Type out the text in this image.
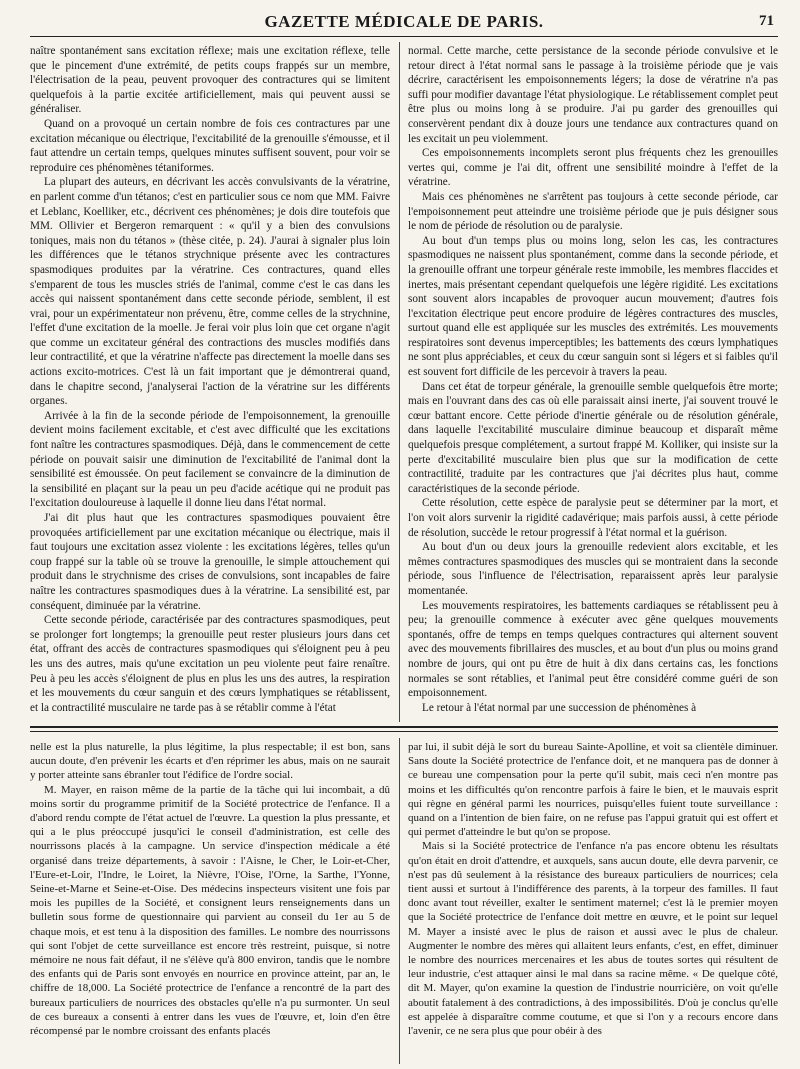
GAZETTE MÉDICALE DE PARIS.	71

naître spontanément sans excitation réflexe; mais une excitation réflexe, telle que le pincement d'une extrémité, de petits coups frappés sur un membre, l'électrisation de la peau, peuvent provoquer des contractures qui se limitent quelquefois à la partie excitée artificiellement, mais qui peuvent aussi se généraliser.

Quand on a provoqué un certain nombre de fois ces contractures par une excitation mécanique ou électrique, l'excitabilité de la grenouille s'émousse, et il faut attendre un certain temps, quelques minutes suffisent souvent, pour voir se reproduire ces phénomènes tétaniformes.

La plupart des auteurs, en décrivant les accès convulsivants de la vératrine, en parlent comme d'un tétanos; c'est en particulier sous ce nom que MM. Faivre et Leblanc, Koelliker, etc., décrivent ces phénomènes; je dois dire toutefois que MM. Ollivier et Bergeron remarquent : « qu'il y a bien des convulsions toniques, mais non du tétanos » (thèse citée, p. 24). J'aurai à signaler plus loin les différences que le tétanos strychnique présente avec les contractures spasmodiques produites par la vératrine. Ces contractures, quand elles s'emparent de tous les muscles striés de l'animal, comme c'est le cas dans les accès qui naissent spontanément dans cette seconde période, semblent, il est vrai, pour un expérimentateur non prévenu, être, comme celles de la strychnine, l'effet d'une excitation de la moelle. Je ferai voir plus loin que cet organe n'agit que comme un excitateur général des contractions des muscles modifiés dans leur contractilité, et que la vératrine n'affecte pas directement la moelle dans ses actions excito-motrices. C'est là un fait important que je démontrerai quand, dans le chapitre second, j'analyserai l'action de la vératrine sur les différents organes.

Arrivée à la fin de la seconde période de l'empoisonnement, la grenouille devient moins facilement excitable, et c'est avec difficulté que les excitations font naître les contractures spasmodiques. Déjà, dans le commencement de cette période on pouvait saisir une diminution de l'excitabilité de l'animal dont la sensibilité est émoussée. On peut facilement se convaincre de la diminution de la sensibilité en plaçant sur la peau un peu d'acide acétique qui ne produit pas l'excitation douloureuse à laquelle il donne lieu dans l'état normal.

J'ai dit plus haut que les contractures spasmodiques pouvaient être provoquées artificiellement par une excitation mécanique ou électrique, mais il faut toujours une excitation assez violente : les excitations légères, telles qu'un coup frappé sur la table où se trouve la grenouille, le simple attouchement qui produit dans le strychnisme des crises de convulsions, sont incapables de faire naître les contractures spasmodiques dues à la vératrine. La sensibilité est, par conséquent, diminuée par la vératrine.

Cette seconde période, caractérisée par des contractures spasmodiques, peut se prolonger fort longtemps; la grenouille peut rester plusieurs jours dans cet état, offrant des accès de contractures spasmodiques qui s'éloignent peu à peu les uns des autres, mais qu'une excitation un peu violente peut faire renaître. Peu à peu les accès s'éloignent de plus en plus les uns des autres, la respiration et les mouvements du cœur sanguin et des cœurs lymphatiques se rétablissent, et la contractilité musculaire ne tarde pas à se rétablir comme à l'état

normal. Cette marche, cette persistance de la seconde période convulsive et le retour direct à l'état normal sans le passage à la troisième période que je vais décrire, caractérisent les empoisonnements légers; la dose de vératrine n'a pas suffi pour modifier davantage l'état physiologique. Le rétablissement complet peut être plus ou moins long à se produire. J'ai pu garder des grenouilles qui conservèrent pendant dix à douze jours une tendance aux contractures quand on les excitait un peu violemment.

Ces empoisonnements incomplets seront plus fréquents chez les grenouilles vertes qui, comme je l'ai dit, offrent une sensibilité moindre à l'effet de la vératrine.

Mais ces phénomènes ne s'arrêtent pas toujours à cette seconde période, car l'empoisonnement peut atteindre une troisième période que je puis désigner sous le nom de période de résolution ou de paralysie.

Au bout d'un temps plus ou moins long, selon les cas, les contractures spasmodiques ne naissent plus spontanément, comme dans la seconde période, et la grenouille offrant une torpeur générale reste immobile, les membres flaccides et inertes, mais présentant cependant quelquefois une légère rigidité. Les excitations sont souvent alors incapables de provoquer aucun mouvement; d'autres fois l'excitation électrique peut encore produire de légères contractures des muscles, surtout quand elle est appliquée sur les muscles des extrémités. Les mouvements respiratoires sont devenus imperceptibles; les battements des cœurs lymphatiques ne sont plus appréciables, et ceux du cœur sanguin sont si légers et si faibles qu'il est souvent fort difficile de les percevoir à travers la peau.

Dans cet état de torpeur générale, la grenouille semble quelquefois être morte; mais en l'ouvrant dans des cas où elle paraissait ainsi inerte, j'ai souvent trouvé le cœur battant encore. Cette période d'inertie générale ou de résolution générale, dans laquelle l'excitabilité musculaire diminue beaucoup et disparaît même quelquefois presque complétement, a surtout frappé M. Kolliker, qui insiste sur la perte d'excitabilité musculaire bien plus que sur la modification de cette contractilité, traduite par les contractures que j'ai décrites plus haut, comme caractéristiques de la seconde période.

Cette résolution, cette espèce de paralysie peut se déterminer par la mort, et l'on voit alors survenir la rigidité cadavérique; mais parfois aussi, à cette période de résolution, succède le retour progressif à l'état normal et la guérison.

Au bout d'un ou deux jours la grenouille redevient alors excitable, et les mêmes contractures spasmodiques des muscles qui se montraient dans la seconde période, sous l'influence de l'électrisation, reparaissent après leur paralysie momentanée.

Les mouvements respiratoires, les battements cardiaques se rétablissent peu à peu; la grenouille commence à exécuter avec gêne quelques mouvements spontanés, offre de temps en temps quelques contractures qui alternent souvent avec des mouvements fibrillaires des muscles, et au bout d'un plus ou moins grand nombre de jours, qui ont pu être de huit à dix dans certains cas, les fonctions normales se sont rétablies, et l'animal peut être considéré comme guéri de son empoisonnement.

Le retour à l'état normal par une succession de phénomènes à

nelle est la plus naturelle, la plus légitime, la plus respectable; il est bon, sans aucun doute, d'en prévenir les écarts et d'en réprimer les abus, mais on ne saurait y porter atteinte sans ébranler tout l'édifice de l'ordre social.

M. Mayer, en raison même de la partie de la tâche qui lui incombait, a dû moins sortir du programme primitif de la Société protectrice de l'enfance. Il a d'abord rendu compte de l'état actuel de l'œuvre. La question la plus pressante, et qui a le plus préoccupé jusqu'ici le conseil d'administration, est celle des nourrissons placés à la campagne. Un service d'inspection médicale a été organisé dans treize départements, à savoir : l'Aisne, le Cher, le Loir-et-Cher, l'Eure-et-Loir, l'Indre, le Loiret, la Nièvre, l'Oise, l'Orne, la Sarthe, l'Yonne, Seine-et-Marne et Seine-et-Oise. Des médecins inspecteurs visitent une fois par mois les pupilles de la Société, et consignent leurs renseignements dans un bulletin sous forme de questionnaire qui parvient au conseil du 1er au 5 de chaque mois, et est tenu à la disposition des familles. Le nombre des nourrissons qui sont l'objet de cette surveillance est encore très restreint, puisque, si notre mémoire ne nous fait défaut, il ne s'élève qu'à 800 environ, tandis que le nombre des enfants qui de Paris sont envoyés en nourrice en province atteint, par an, le chiffre de 18,000. La Société protectrice de l'enfance a rencontré de la part des bureaux particuliers de nourrices des obstacles qu'elle n'a pu surmonter. Un seul de ces bureaux a consenti à entrer dans les vues de l'œuvre, et, loin d'en être récompensé par le nombre croissant des enfants placés

par lui, il subit déjà le sort du bureau Sainte-Apolline, et voit sa clientèle diminuer. Sans doute la Société protectrice de l'enfance doit, et ne manquera pas de donner à ce bureau une compensation pour la perte qu'il subit, mais ceci n'en montre pas moins et les difficultés qu'on rencontre parfois à faire le bien, et le mauvais esprit qui règne en général parmi les nourrices, puisqu'elles fuient toute surveillance : quand on a l'intention de bien faire, on ne refuse pas l'appui gratuit qui est offert et qui permet d'atteindre le but qu'on se propose.

Mais si la Société protectrice de l'enfance n'a pas encore obtenu les résultats qu'on était en droit d'attendre, et auxquels, sans aucun doute, elle devra parvenir, ce n'est pas dû seulement à la résistance des bureaux particuliers de nourrices; cela tient aussi et surtout à l'indifférence des parents, à la torpeur des familles. Il faut donc avant tout réveiller, exalter le sentiment maternel; c'est là le premier moyen que la Société protectrice de l'enfance doit mettre en œuvre, et le point sur lequel M. Mayer a insisté avec le plus de raison et aussi avec le plus de chaleur. Augmenter le nombre des mères qui allaitent leurs enfants, c'est, en effet, diminuer le nombre des nourrices mercenaires et les abus de toutes sortes qui résultent de leur industrie, c'est attaquer ainsi le mal dans sa racine même. « De quelque côté, dit M. Mayer, qu'on examine la question de l'industrie nourricière, on voit qu'elle aboutit fatalement à des contradictions, à des impossibilités. D'où je conclus qu'elle est appelée à disparaître comme coutume, et que si l'on y a recours encore dans l'avenir, ce ne sera plus que pour obéir à des
